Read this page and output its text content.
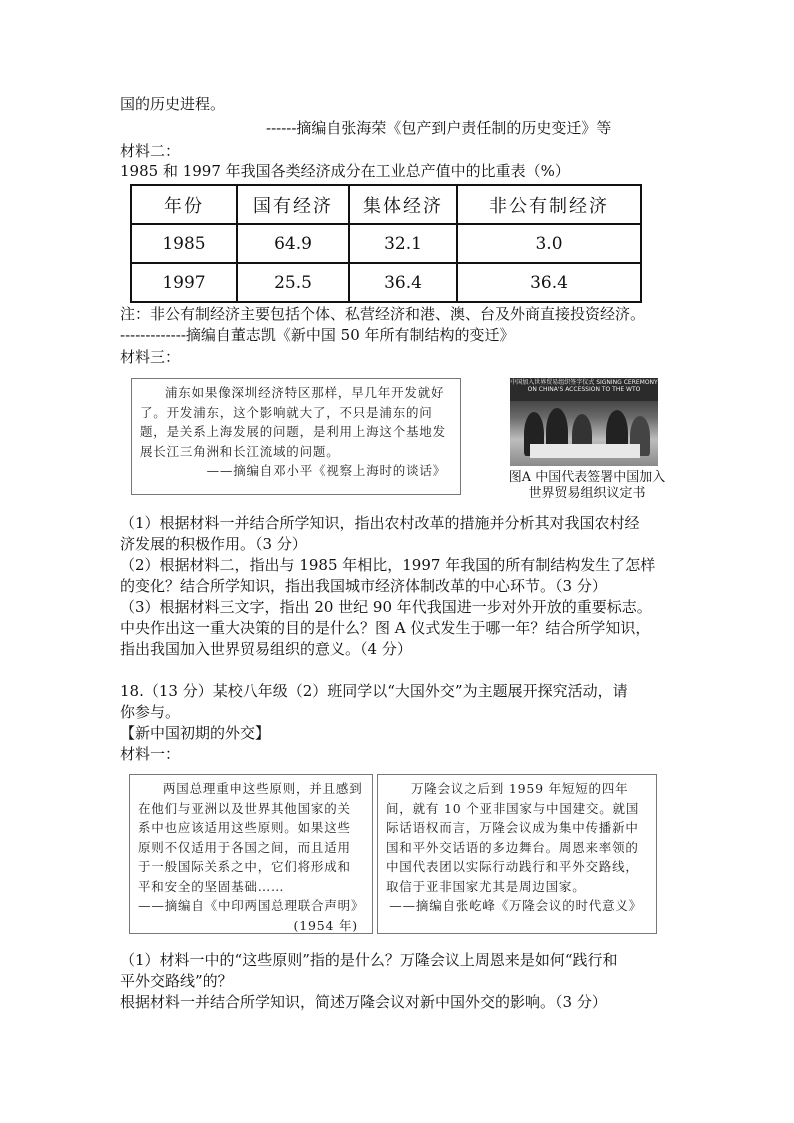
国的历史进程。
------摘编自张海荣《包产到户责任制的历史变迁》等
材料二：
1985 和 1997 年我国各类经济成分在工业总产值中的比重表（%）
年份	国有经济	集体经济	非公有制经济
1985	64.9	32.1	3.0
1997	25.5	36.4	36.4
注：非公有制经济主要包括个体、私营经济和港、澳、台及外商直接投资经济。
-------------摘编自董志凯《新中国 50 年所有制结构的变迁》
材料三：
浦东如果像深圳经济特区那样，早几年开发就好了。开发浦东，这个影响就大了，不只是浦东的问题，是关系上海发展的问题，是利用上海这个基地发展长江三角洲和长江流域的问题。
——摘编自邓小平《视察上海时的谈话》
中国加入世界贸易组织签字仪式 SIGNING CEREMONY ON CHINA'S ACCESSION TO THE WTO
图A 中国代表签署中国加入
世界贸易组织议定书
（1）根据材料一并结合所学知识，指出农村改革的措施并分析其对我国农村经
济发展的积极作用。（3 分）
（2）根据材料二，指出与 1985 年相比，1997 年我国的所有制结构发生了怎样
的变化？结合所学知识，指出我国城市经济体制改革的中心环节。（3 分）
（3）根据材料三文字，指出 20 世纪 90 年代我国进一步对外开放的重要标志。
中央作出这一重大决策的目的是什么？图 A 仪式发生于哪一年？结合所学知识，
指出我国加入世界贸易组织的意义。（4 分）
18.（13 分）某校八年级（2）班同学以“大国外交”为主题展开探究活动，请
你参与。
【新中国初期的外交】
材料一：
两国总理重申这些原则，并且感到在他们与亚洲以及世界其他国家的关系中也应该适用这些原则。如果这些原则不仅适用于各国之间，而且适用于一般国际关系之中，它们将形成和平和安全的坚固基础……
——摘编自《中印两国总理联合声明》(1954 年)
万隆会议之后到 1959 年短短的四年间，就有 10 个亚非国家与中国建交。就国际话语权而言，万隆会议成为集中传播新中国和平外交话语的多边舞台。周恩来率领的中国代表团以实际行动践行和平外交路线，取信于亚非国家尤其是周边国家。
——摘编自张屹峰《万隆会议的时代意义》
（1）材料一中的“这些原则”指的是什么？万隆会议上周恩来是如何“践行和
平外交路线”的？
根据材料一并结合所学知识，简述万隆会议对新中国外交的影响。（3 分）
